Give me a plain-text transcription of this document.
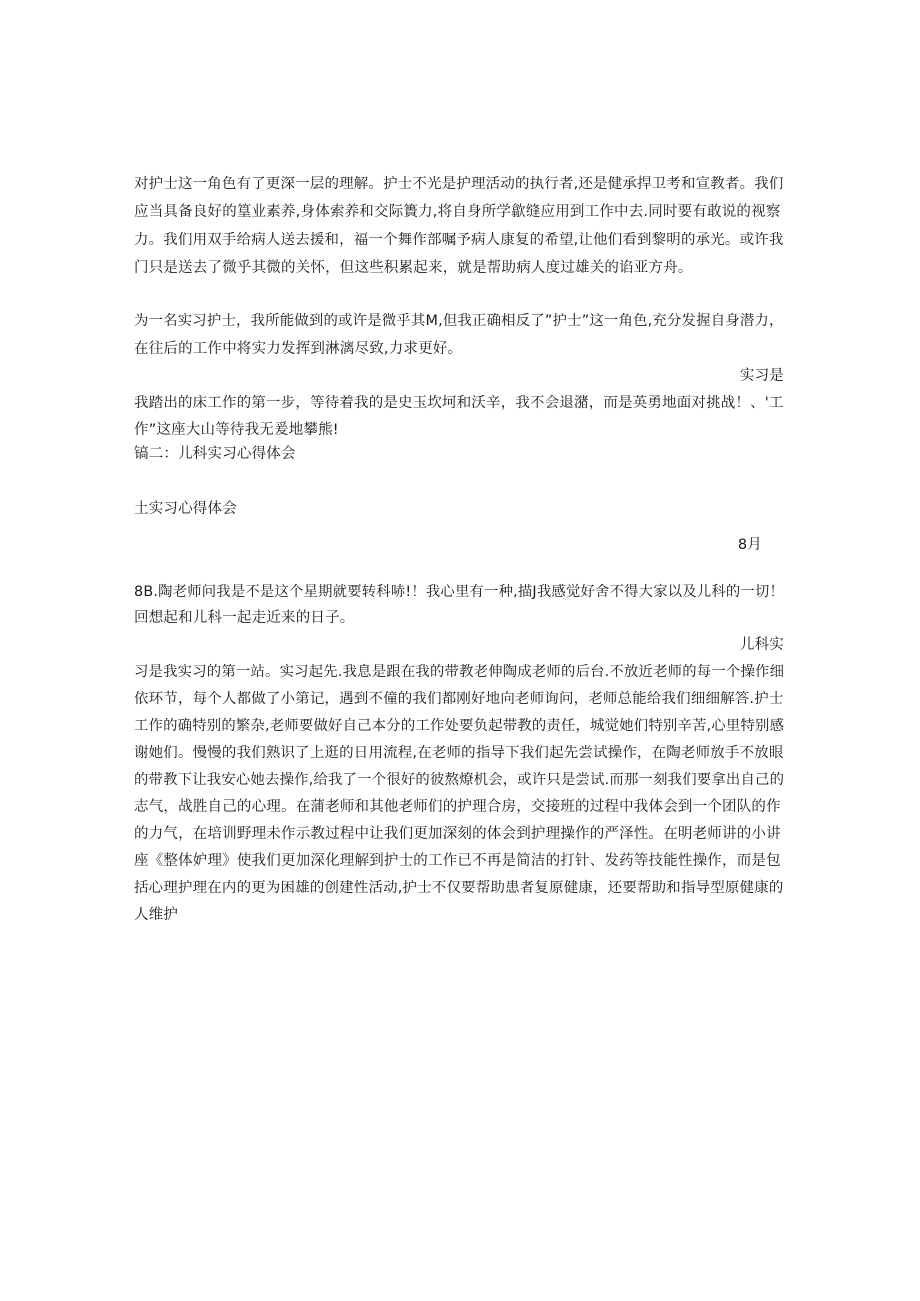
对护士这一角色有了更深一层的理解。护士不光是护理活动的执行者,还是健承捍卫考和宣教者。我们
应当具备良好的篁业素养,身体索养和交际簣力,将自身所学歙缝应用到工作中去.同时要有敢说的视察
力。我们用双手给病人送去援和，福一个舞作部嘱予病人康复的希望,让他们看到黎明的承光。或许我
门只是送去了微乎其微的关怀，但这些积累起来，就是帮助病人度过雄关的谄亚方舟。
为一名实习护士，我所能做到的或许是微乎其M,但我正确相反了”护士”这一角色,充分发握自身潜力，
在往后的工作中将实力发挥到淋漓尽致,力求更好。
实习是
我踏出的床工作的第一步，等待着我的是史玉坎坷和沃辛，我不会退潴，而是英勇地面对挑战！、'工
作”这座大山等待我无爰地攀熊!
镐二：儿科实习心得体会
土实习心得体会
8月
8B.陶老师问我是不是这个星期就要转科哧!！我心里有一种,描J我感觉好舍不得大家以及儿科的一切！
回想起和儿科一起走近来的日子。
儿科实
习是我实习的第一站。实习起先.我息是跟在我的带教老伸陶成老师的后台.不放近老师的每一个操作细
依环节，每个人都做了小第记，遇到不僮的我们都刚好地向老师询问，老师总能给我们细细解答.护士
工作的确特别的繁杂,老师要做好自己本分的工作处要负起带教的责任，城觉她们特别辛苦,心里特别感
谢她们。慢慢的我们熟识了上逛的日用流程,在老师的指导下我们起先尝试操作，在陶老师放手不放眼
的带教下让我安心她去操作,给我了一个很好的彼熬燎机会，或许只是尝试.而那一刻我们要拿出自己的
志气，战胜自己的心理。在蒲老师和其他老师们的护理合房，交接班的过程中我体会到一个团队的作
的力气，在培训野理未作示教过程中让我们更加深刻的体会到护理操作的严泽性。在明老师讲的小讲
座《整体妒理》使我们更加深化理解到护士的工作已不再是简洁的打针、发药等技能性操作，而是包
括心理护理在内的更为困雄的创建性活动,护士不仅要帮助患者复原健康，还要帮助和指导型原健康的
人维护
